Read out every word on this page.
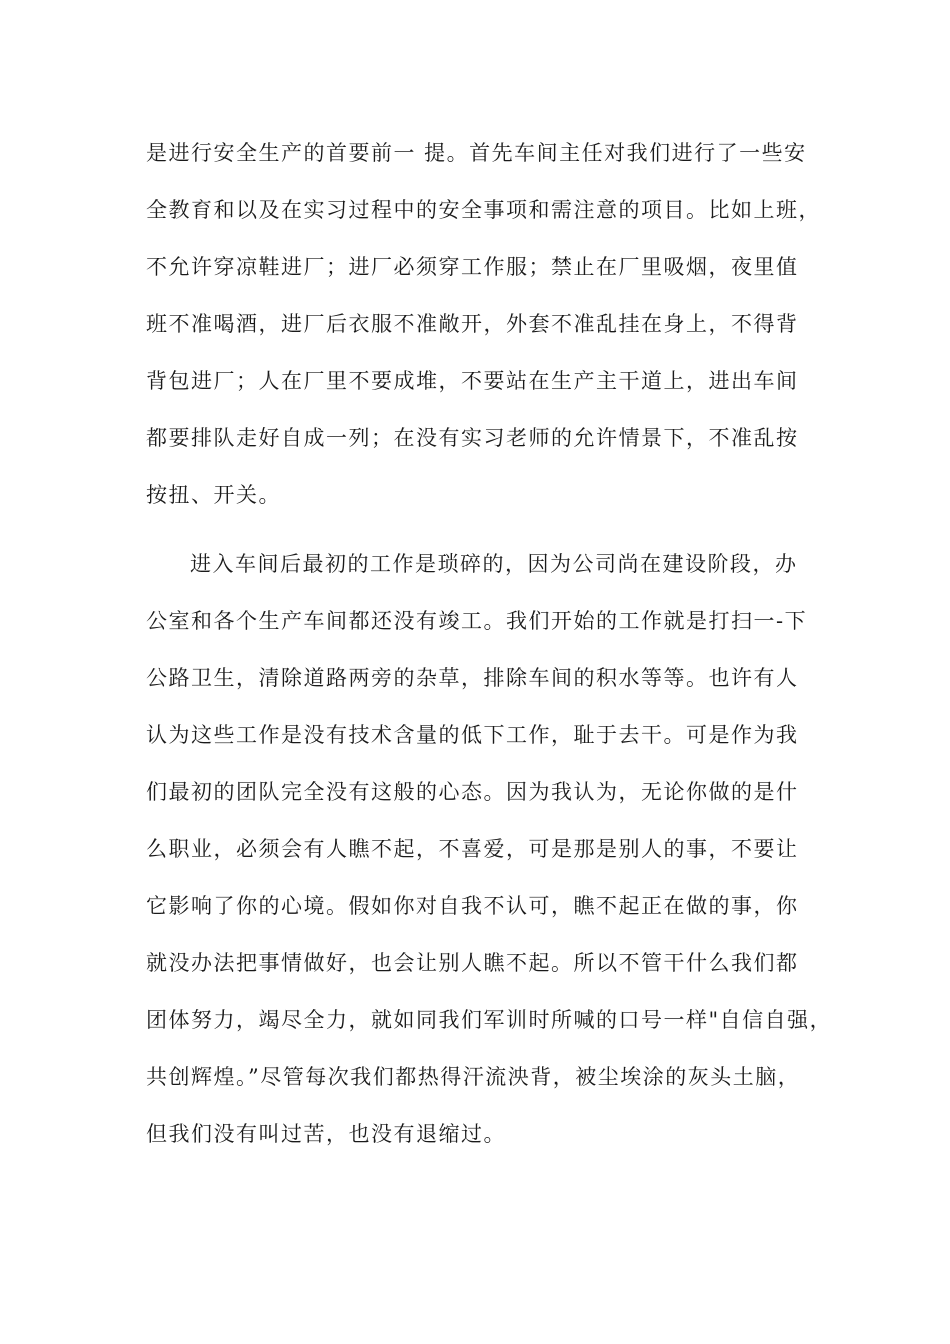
是进行安全生产的首要前一 提。首先车间主任对我们进行了一些安
全教育和以及在实习过程中的安全事项和需注意的项目。比如上班，
不允许穿凉鞋进厂；进厂必须穿工作服；禁止在厂里吸烟，夜里值
班不准喝酒，进厂后衣服不准敞开，外套不准乱挂在身上，不得背
背包进厂；人在厂里不要成堆，不要站在生产主干道上，进出车间
都要排队走好自成一列；在没有实习老师的允许情景下，不准乱按
按扭、开关。
进入车间后最初的工作是琐碎的，因为公司尚在建设阶段，办
公室和各个生产车间都还没有竣工。我们开始的工作就是打扫一-下
公路卫生，清除道路两旁的杂草，排除车间的积水等等。也许有人
认为这些工作是没有技术含量的低下工作，耻于去干。可是作为我
们最初的团队完全没有这般的心态。因为我认为，无论你做的是什
么职业，必须会有人瞧不起，不喜爱，可是那是别人的事，不要让
它影响了你的心境。假如你对自我不认可，瞧不起正在做的事，你
就没办法把事情做好，也会让别人瞧不起。所以不管干什么我们都
团体努力，竭尽全力，就如同我们军训时所喊的口号一样"自信自强，
共创辉煌。”尽管每次我们都热得汗流泱背，被尘埃涂的灰头土脑，
但我们没有叫过苦，也没有退缩过。
